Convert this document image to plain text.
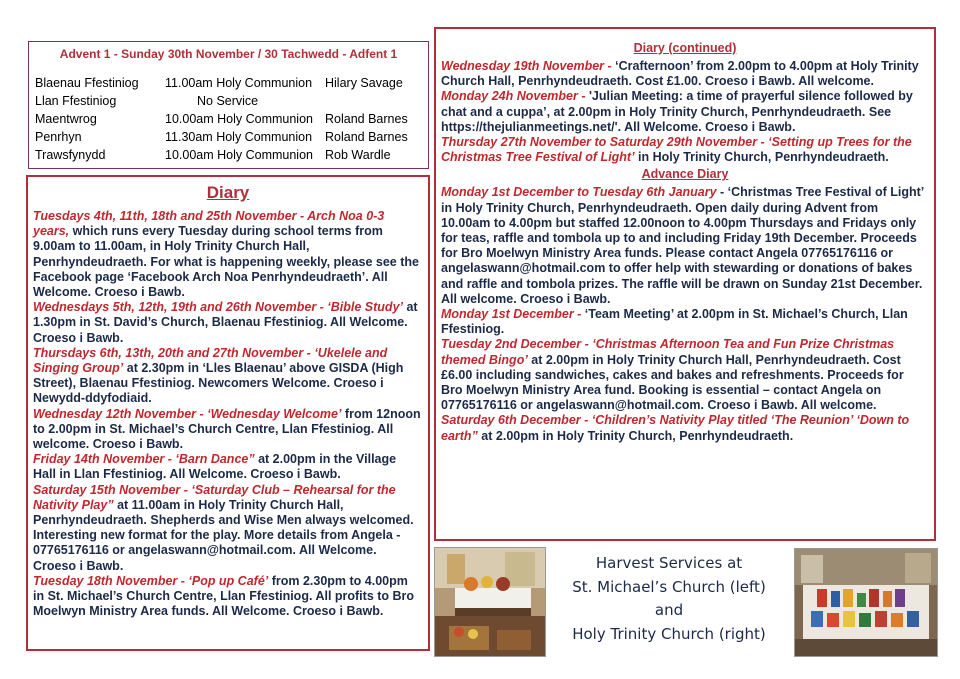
Advent 1 - Sunday 30th November / 30 Tachwedd - Adfent 1
Blaenau Ffestiniog 11.00am Holy Communion Hilary Savage
Llan Ffestiniog	No Service
Maentwrog	10.00am Holy Communion Roland Barnes
Penrhyn	11.30am Holy Communion Roland Barnes
Trawsfynydd	10.00am Holy Communion Rob Wardle
Diary

Tuesdays 4th, 11th, 18th and 25th November - Arch Noa 0-3 years, which runs every Tuesday during school terms from 9.00am to 11.00am, in Holy Trinity Church Hall, Penrhyndeudraeth. For what is happening weekly, please see the Facebook page ‘Facebook Arch Noa Penrhyndeudraeth’. All Welcome. Croeso i Bawb.

Wednesdays 5th, 12th, 19th and 26th November - ‘Bible Study’ at 1.30pm in St. David’s Church, Blaenau Ffestiniog. All Welcome. Croeso i Bawb.

Thursdays 6th, 13th, 20th and 27th November - ‘Ukelele and Singing Group’ at 2.30pm in ‘Lles Blaenau’ above GISDA (High Street), Blaenau Ffestiniog. Newcomers Welcome. Croeso i Newydd-ddyfodiaid.

Wednesday 12th November - ‘Wednesday Welcome’ from 12noon to 2.00pm in St. Michael’s Church Centre, Llan Ffestiniog. All welcome. Croeso i Bawb.

Friday 14th November - ‘Barn Dance” at 2.00pm in the Village Hall in Llan Ffestiniog. All Welcome. Croeso i Bawb.

Saturday 15th November - ‘Saturday Club – Rehearsal for the Nativity Play” at 11.00am in Holy Trinity Church Hall, Penrhyndeudraeth. Shepherds and Wise Men always welcomed. Interesting new format for the play. More details from Angela - 07765176116 or angelaswann@hotmail.com. All Welcome. Croeso i Bawb.

Tuesday 18th November - ‘Pop up Café’ from 2.30pm to 4.00pm in St. Michael’s Church Centre, Llan Ffestiniog. All profits to Bro Moelwyn Ministry Area funds. All Welcome. Croeso i Bawb.

Diary (continued)

Wednesday 19th November - ‘Crafternoon’ from 2.00pm to 4.00pm at Holy Trinity Church Hall, Penrhyndeudraeth. Cost £1.00. Croeso i Bawb. All welcome.

Monday 24h November - 'Julian Meeting: a time of prayerful silence followed by chat and a cuppa’, at 2.00pm in Holy Trinity Church, Penrhyndeudraeth. See https://thejulianmeetings.net/'. All Welcome. Croeso i Bawb.

Thursday 27th November to Saturday 29th November - ‘Setting up Trees for the Christmas Tree Festival of Light’ in Holy Trinity Church, Penrhyndeudraeth.

Advance Diary

Monday 1st December to Tuesday 6th January - ‘Christmas Tree Festival of Light’ in Holy Trinity Church, Penrhyndeudraeth. Open daily during Advent from 10.00am to 4.00pm but staffed 12.00noon to 4.00pm Thursdays and Fridays only for teas, raffle and tombola up to and including Friday 19th December. Proceeds for Bro Moelwyn Ministry Area funds. Please contact Angela 07765176116 or angelaswann@hotmail.com to offer help with stewarding or donations of bakes and raffle and tombola prizes. The raffle will be drawn on Sunday 21st December. All welcome. Croeso i Bawb.

Monday 1st December - ‘Team Meeting’ at 2.00pm in St. Michael’s Church, Llan Ffestiniog.

Tuesday 2nd December - ‘Christmas Afternoon Tea and Fun Prize Christmas themed Bingo’ at 2.00pm in Holy Trinity Church Hall, Penrhyndeudraeth. Cost £6.00 including sandwiches, cakes and bakes and refreshments. Proceeds for Bro Moelwyn Ministry Area fund. Booking is essential – contact Angela on 07765176116 or angelaswann@hotmail.com. Croeso i Bawb. All welcome.

Saturday 6th December - ‘Children’s Nativity Play titled ‘The Reunion’ ‘Down to earth” at 2.00pm in Holy Trinity Church, Penrhyndeudraeth.

Harvest Services at
St. Michael’s Church (left)
and
Holy Trinity Church (right)
